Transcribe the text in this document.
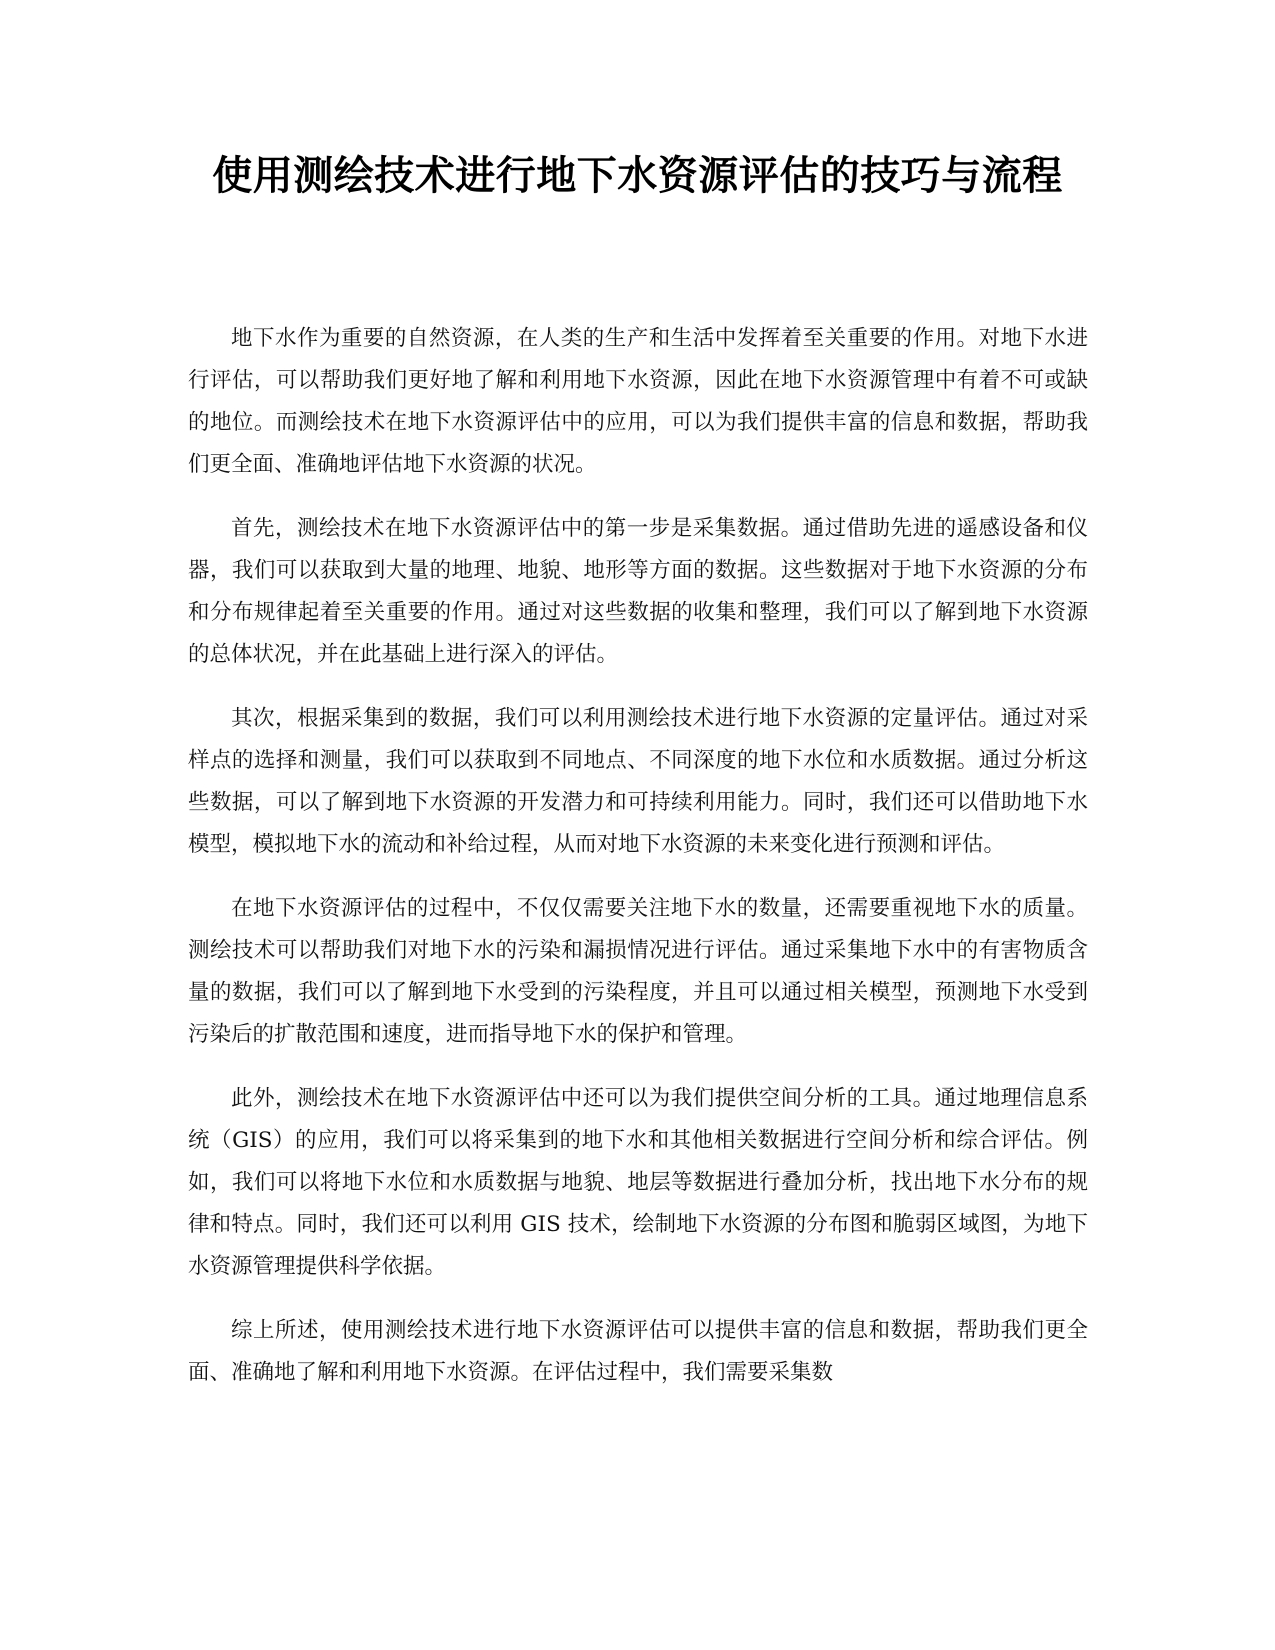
使用测绘技术进行地下水资源评估的技巧与流程

地下水作为重要的自然资源，在人类的生产和生活中发挥着至关重要的作用。对地下水进行评估，可以帮助我们更好地了解和利用地下水资源，因此在地下水资源管理中有着不可或缺的地位。而测绘技术在地下水资源评估中的应用，可以为我们提供丰富的信息和数据，帮助我们更全面、准确地评估地下水资源的状况。

首先，测绘技术在地下水资源评估中的第一步是采集数据。通过借助先进的遥感设备和仪器，我们可以获取到大量的地理、地貌、地形等方面的数据。这些数据对于地下水资源的分布和分布规律起着至关重要的作用。通过对这些数据的收集和整理，我们可以了解到地下水资源的总体状况，并在此基础上进行深入的评估。

其次，根据采集到的数据，我们可以利用测绘技术进行地下水资源的定量评估。通过对采样点的选择和测量，我们可以获取到不同地点、不同深度的地下水位和水质数据。通过分析这些数据，可以了解到地下水资源的开发潜力和可持续利用能力。同时，我们还可以借助地下水模型，模拟地下水的流动和补给过程，从而对地下水资源的未来变化进行预测和评估。

在地下水资源评估的过程中，不仅仅需要关注地下水的数量，还需要重视地下水的质量。测绘技术可以帮助我们对地下水的污染和漏损情况进行评估。通过采集地下水中的有害物质含量的数据，我们可以了解到地下水受到的污染程度，并且可以通过相关模型，预测地下水受到污染后的扩散范围和速度，进而指导地下水的保护和管理。

此外，测绘技术在地下水资源评估中还可以为我们提供空间分析的工具。通过地理信息系统（GIS）的应用，我们可以将采集到的地下水和其他相关数据进行空间分析和综合评估。例如，我们可以将地下水位和水质数据与地貌、地层等数据进行叠加分析，找出地下水分布的规律和特点。同时，我们还可以利用 GIS 技术，绘制地下水资源的分布图和脆弱区域图，为地下水资源管理提供科学依据。

综上所述，使用测绘技术进行地下水资源评估可以提供丰富的信息和数据，帮助我们更全面、准确地了解和利用地下水资源。在评估过程中，我们需要采集数
